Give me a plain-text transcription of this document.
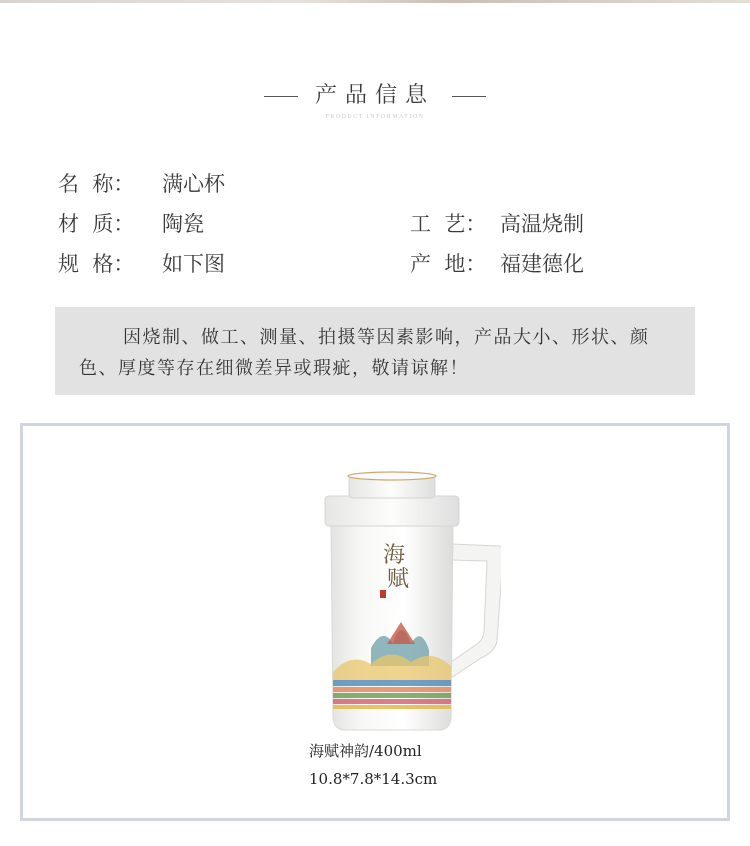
产品信息
PRODUCT INFORMATION
名  称： 满心杯
材  质： 陶瓷
规  格： 如下图
工  艺： 高温烧制
产  地： 福建德化

因烧制、做工、测量、拍摄等因素影响，产品大小、形状、颜色、厚度等存在细微差异或瑕疵，敬请谅解！

海
赋
海赋神韵/400ml
10.8*7.8*14.3cm
